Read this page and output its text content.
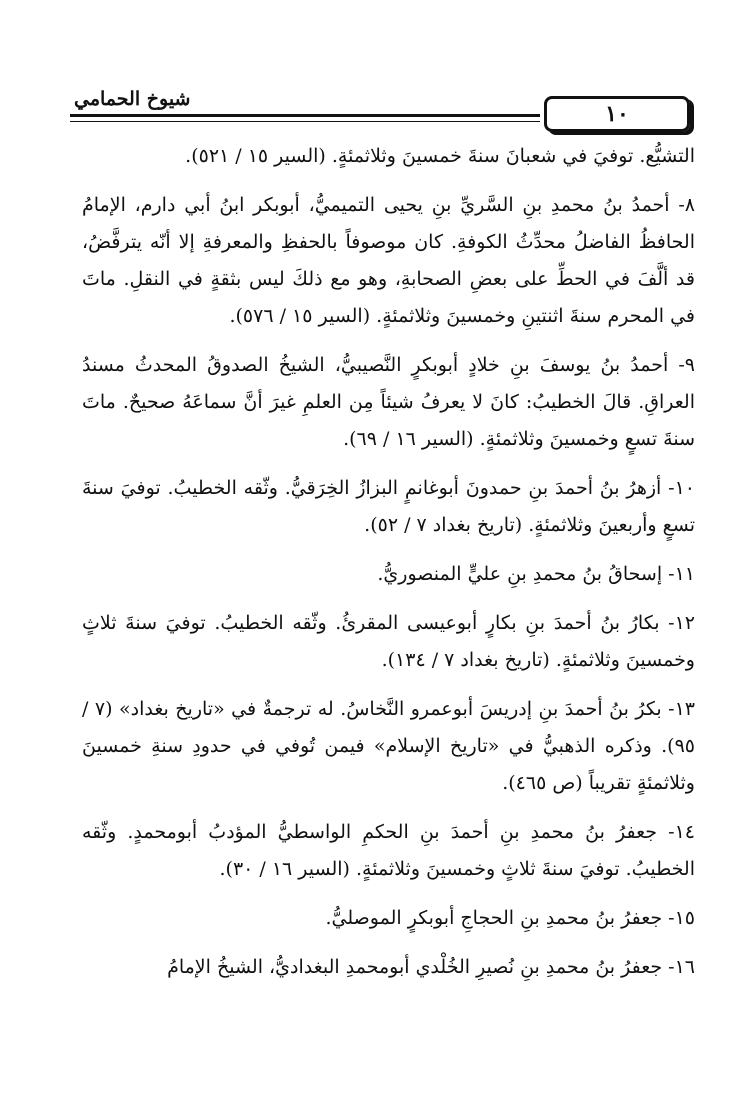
شيوخ الحمامي
١٠

التشيُّع. توفيَ في شعبانَ سنةَ خمسينَ وثلاثمئةٍ. (السير ١٥ / ٥٢١).

٨- أحمدُ بنُ محمدِ بنِ السَّريِّ بنِ يحيى التميميُّ، أبوبكر ابنُ أبي دارم، الإمامُ الحافظُ الفاضلُ محدِّثُ الكوفةِ. كان موصوفاً بالحفظِ والمعرفةِ إلا أنّه يترفَّضُ، قد ألَّفَ في الحطِّ على بعضِ الصحابةِ، وهو مع ذلكَ ليس بثقةٍ في النقلِ. ماتَ في المحرم سنةَ اثنتينِ وخمسينَ وثلاثمئةٍ. (السير ١٥ / ٥٧٦).

٩- أحمدُ بنُ يوسفَ بنِ خلادٍ أبوبكرٍ النَّصيبيُّ، الشيخُ الصدوقُ المحدثُ مسندُ العراقِ. قالَ الخطيبُ: كانَ لا يعرفُ شيئاً مِن العلمِ غيرَ أنَّ سماعَهُ صحيحٌ. ماتَ سنةَ تسعٍ وخمسينَ وثلاثمئةٍ. (السير ١٦ / ٦٩).

١٠- أزهرُ بنُ أحمدَ بنِ حمدونَ أبوغانمٍ البزازُ الخِرَقيُّ. وثّقه الخطيبُ. توفيَ سنةَ تسعٍ وأربعينَ وثلاثمئةٍ. (تاريخ بغداد ٧ / ٥٢).

١١- إسحاقُ بنُ محمدِ بنِ عليٍّ المنصوريُّ.

١٢- بكارُ بنُ أحمدَ بنِ بكارٍ أبوعيسى المقرئُ. وثّقه الخطيبُ. توفيَ سنةَ ثلاثٍ وخمسينَ وثلاثمئةٍ. (تاريخ بغداد ٧ / ١٣٤).

١٣- بكرُ بنُ أحمدَ بنِ إدريسَ أبوعمرو النَّخاسُ. له ترجمةٌ في «تاريخ بغداد» (٧ / ٩٥). وذكره الذهبيُّ في «تاريخ الإسلام» فيمن تُوفي في حدودِ سنةِ خمسينَ وثلاثمئةٍ تقريباً (ص ٤٦٥).

١٤- جعفرُ بنُ محمدِ بنِ أحمدَ بنِ الحكمِ الواسطيُّ المؤدبُ أبومحمدٍ. وثّقه الخطيبُ. توفيَ سنةَ ثلاثٍ وخمسينَ وثلاثمئةٍ. (السير ١٦ / ٣٠).

١٥- جعفرُ بنُ محمدِ بنِ الحجاجِ أبوبكرٍ الموصليُّ.

١٦- جعفرُ بنُ محمدِ بنِ نُصيرِ الخُلْدي أبومحمدِ البغداديُّ، الشيخُ الإمامُ
